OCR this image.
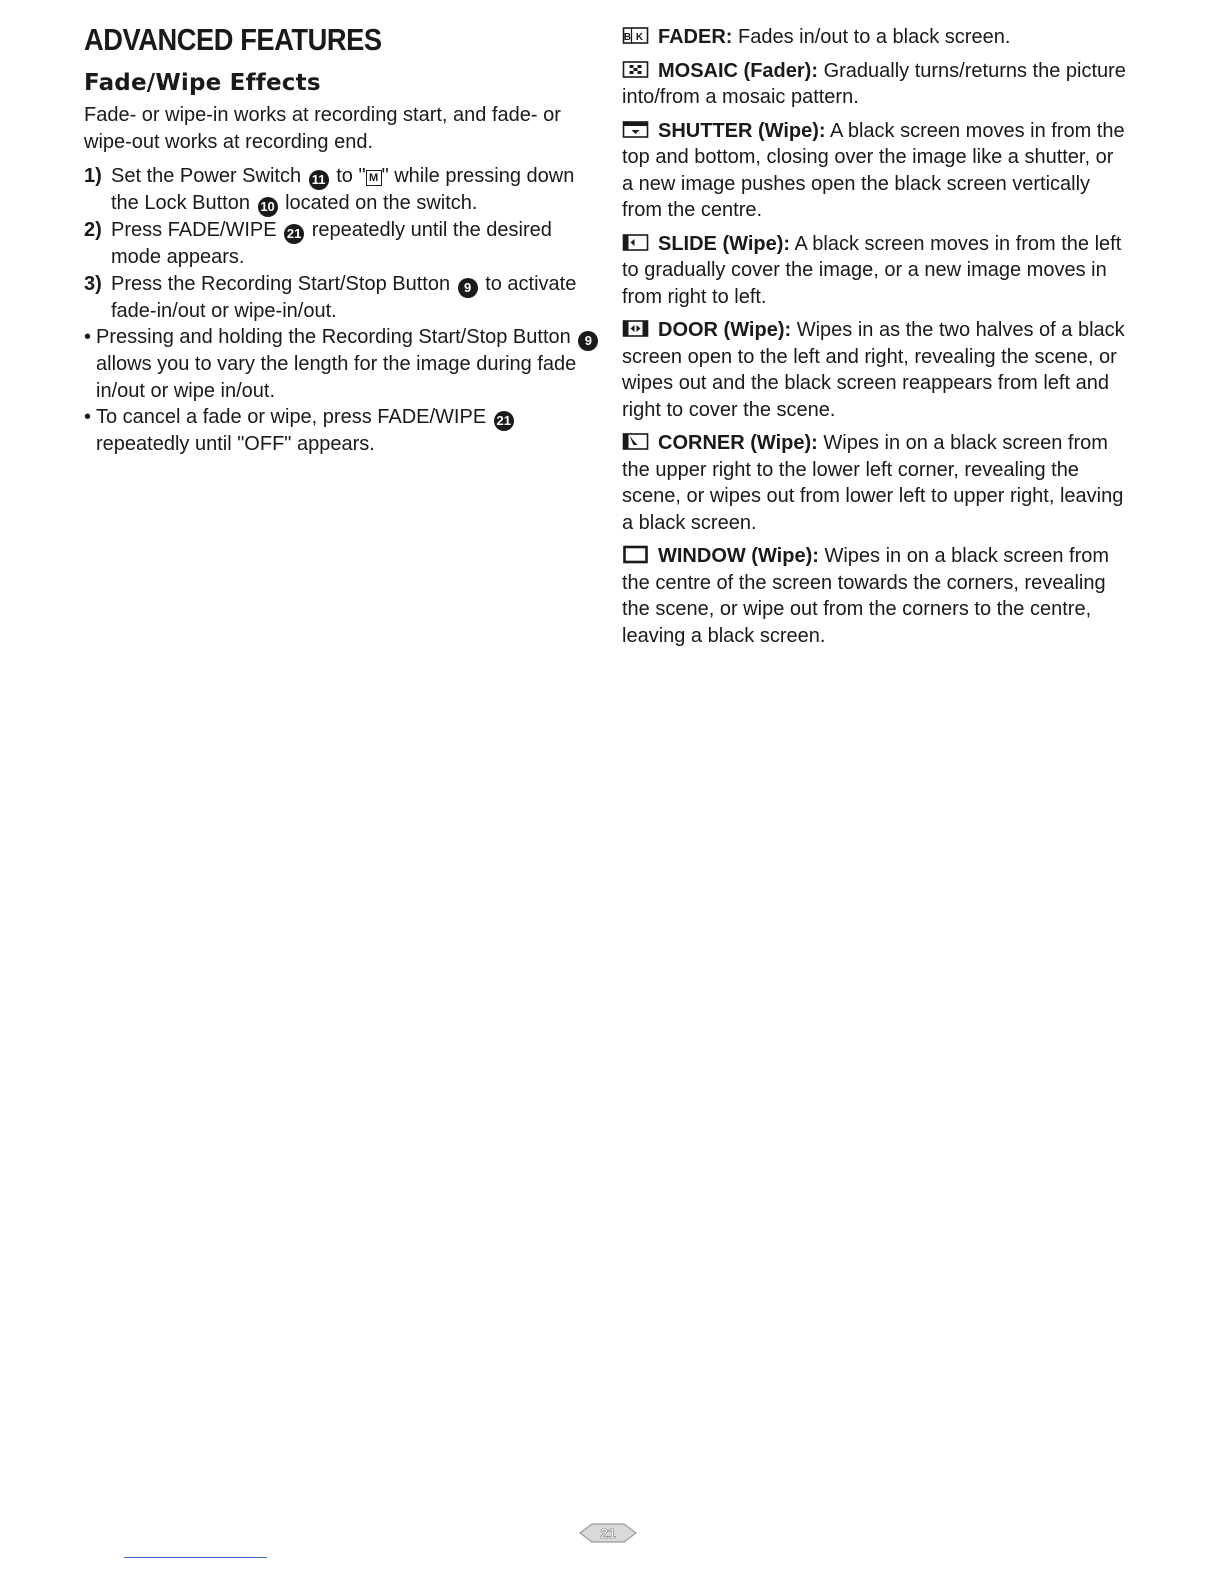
ADVANCED FEATURES
Fade/Wipe Effects

Fade- or wipe-in works at recording start, and fade- or wipe-out works at recording end.

1) Set the Power Switch 11 to " M " while pressing down the Lock Button 10 located on the switch.
2) Press FADE/WIPE 21 repeatedly until the desired mode appears.
3) Press the Recording Start/Stop Button 9 to activate fade-in/out or wipe-in/out.
• Pressing and holding the Recording Start/Stop Button 9 allows you to vary the length for the image during fade in/out or wipe in/out.
• To cancel a fade or wipe, press FADE/WIPE 21 repeatedly until "OFF" appears.

B K FADER: Fades in/out to a black screen.

MOSAIC (Fader): Gradually turns/returns the picture into/from a mosaic pattern.

SHUTTER (Wipe): A black screen moves in from the top and bottom, closing over the image like a shutter, or a new image pushes open the black screen vertically from the centre.

SLIDE (Wipe): A black screen moves in from the left to gradually cover the image, or a new image moves in from right to left.

DOOR (Wipe): Wipes in as the two halves of a black screen open to the left and right, revealing the scene, or wipes out and the black screen reappears from left and right to cover the scene.

CORNER (Wipe): Wipes in on a black screen from the upper right to the lower left corner, revealing the scene, or wipes out from lower left to upper right, leaving a black screen.

WINDOW (Wipe): Wipes in on a black screen from the centre of the screen towards the corners, revealing the scene, or wipe out from the corners to the centre, leaving a black screen.

21
